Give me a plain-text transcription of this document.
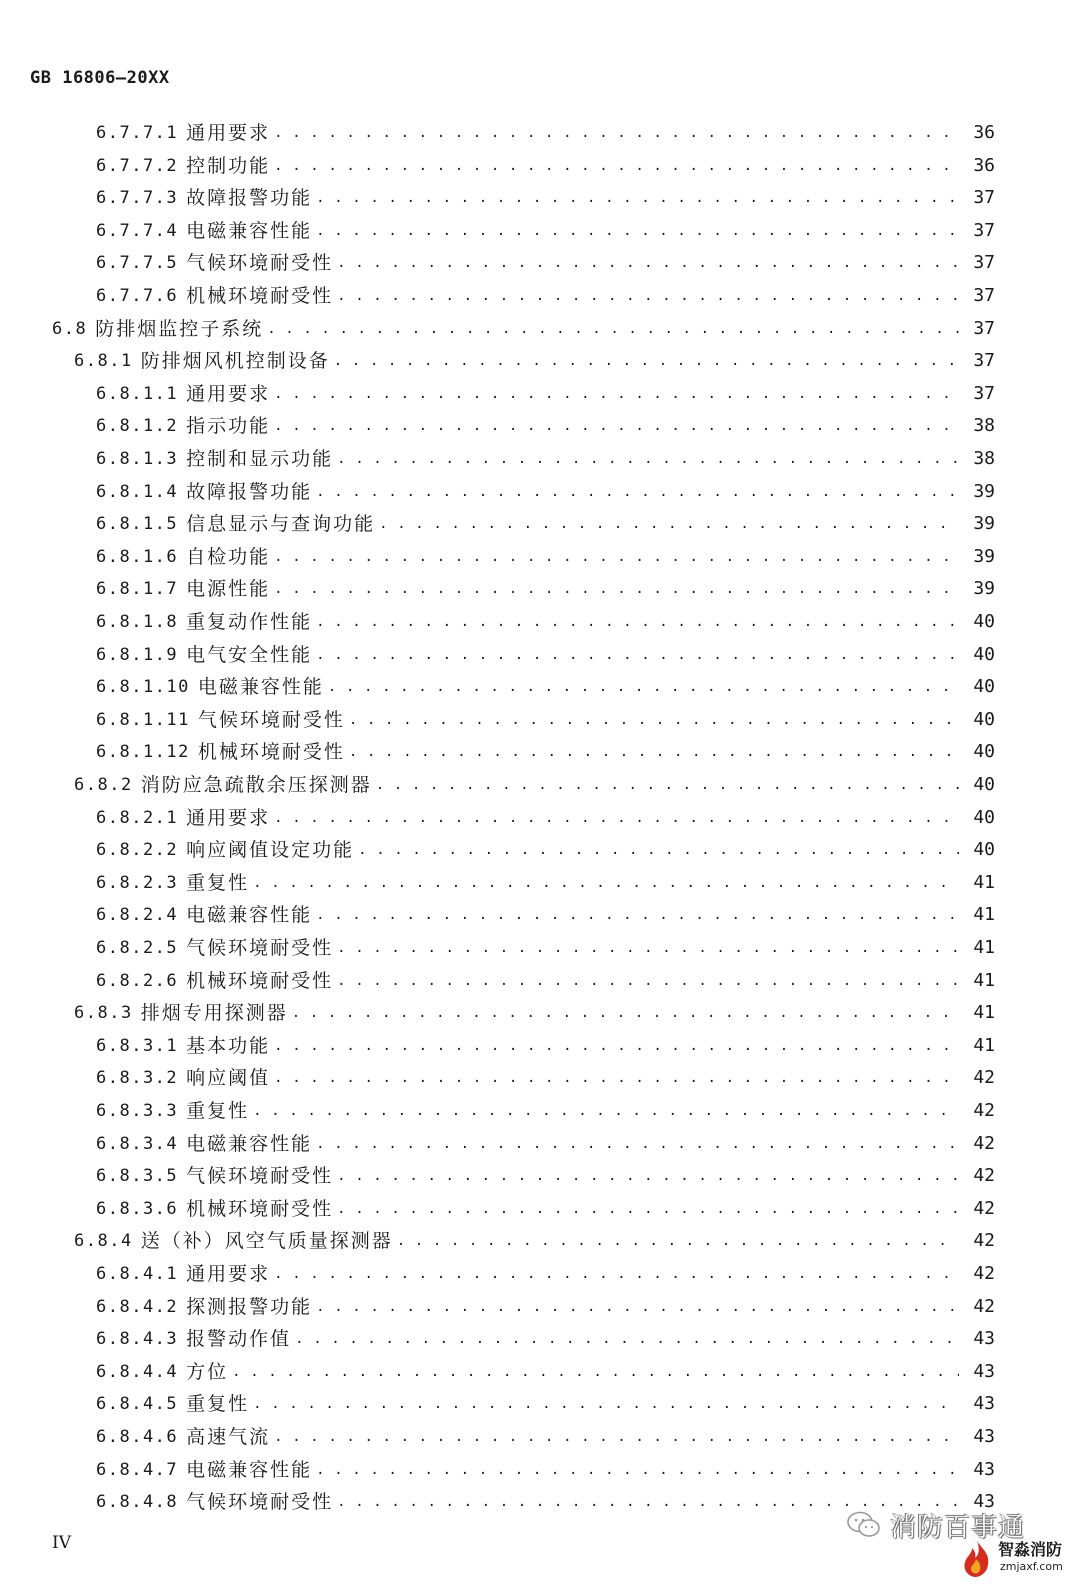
GB 16806—20XX
6.7.7.1 通用要求 . . .	36
6.7.7.2 控制功能 . . .	36
6.7.7.3 故障报警功能 . . .	37
6.7.7.4 电磁兼容性能 . . .	37
6.7.7.5 气候环境耐受性 . . .	37
6.7.7.6 机械环境耐受性 . . .	37
6.8 防排烟监控子系统 . . .	37
6.8.1 防排烟风机控制设备 . . .	37
6.8.1.1 通用要求 . . .	37
6.8.1.2 指示功能 . . .	38
6.8.1.3 控制和显示功能 . . .	38
6.8.1.4 故障报警功能 . . .	39
6.8.1.5 信息显示与查询功能 . . .	39
6.8.1.6 自检功能 . . .	39
6.8.1.7 电源性能 . . .	39
6.8.1.8 重复动作性能 . . .	40
6.8.1.9 电气安全性能 . . .	40
6.8.1.10 电磁兼容性能 . . .	40
6.8.1.11 气候环境耐受性 . . .	40
6.8.1.12 机械环境耐受性 . . .	40
6.8.2 消防应急疏散余压探测器 . . .	40
6.8.2.1 通用要求 . . .	40
6.8.2.2 响应阈值设定功能 . . .	40
6.8.2.3 重复性 . . .	41
6.8.2.4 电磁兼容性能 . . .	41
6.8.2.5 气候环境耐受性 . . .	41
6.8.2.6 机械环境耐受性 . . .	41
6.8.3 排烟专用探测器 . . .	41
6.8.3.1 基本功能 . . .	41
6.8.3.2 响应阈值 . . .	42
6.8.3.3 重复性 . . .	42
6.8.3.4 电磁兼容性能 . . .	42
6.8.3.5 气候环境耐受性 . . .	42
6.8.3.6 机械环境耐受性 . . .	42
6.8.4 送（补）风空气质量探测器 . . .	42
6.8.4.1 通用要求 . . .	42
6.8.4.2 探测报警功能 . . .	42
6.8.4.3 报警动作值 . . .	43
6.8.4.4 方位 . . .	43
6.8.4.5 重复性 . . .	43
6.8.4.6 高速气流 . . .	43
6.8.4.7 电磁兼容性能 . . .	43
6.8.4.8 气候环境耐受性 . . .	43
IV
消防百事通
智淼消防
zmjaxf.com
